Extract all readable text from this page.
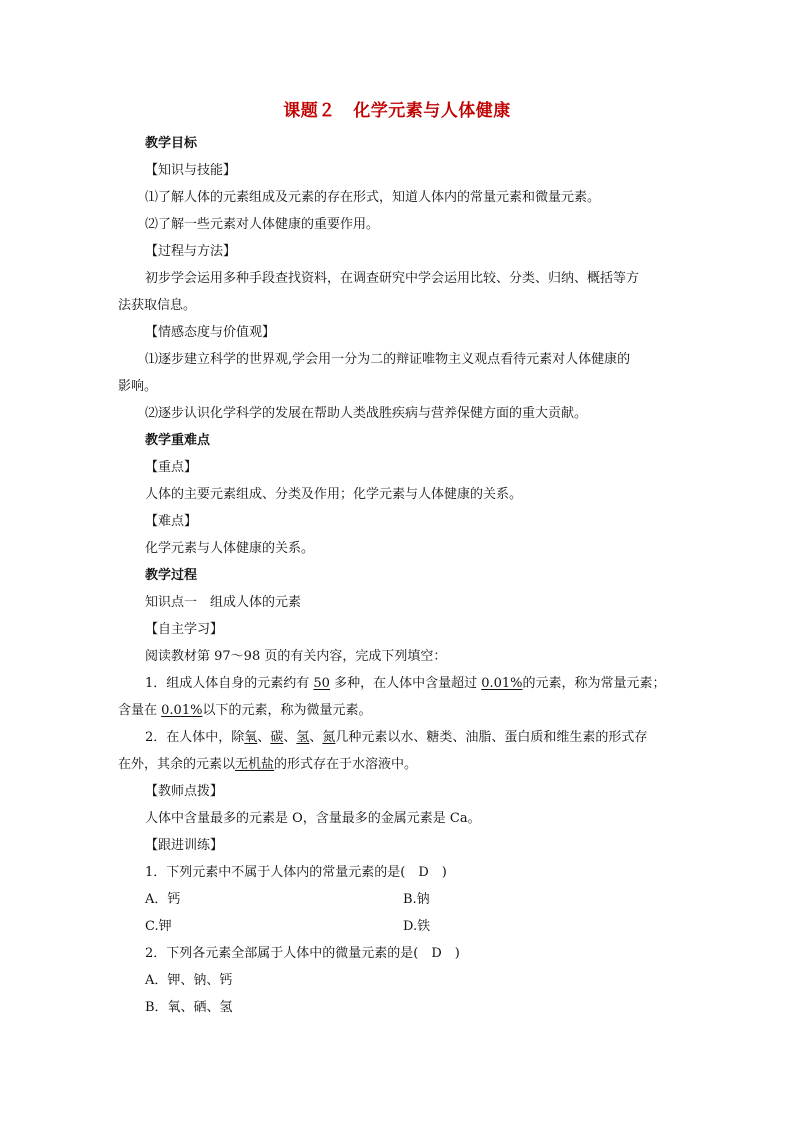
课题２　化学元素与人体健康
教学目标
【知识与技能】
⑴了解人体的元素组成及元素的存在形式，知道人体内的常量元素和微量元素。
⑵了解一些元素对人体健康的重要作用。
【过程与方法】
初步学会运用多种手段查找资料，在调查研究中学会运用比较、分类、归纳、概括等方
法获取信息。
【情感态度与价值观】
⑴逐步建立科学的世界观,学会用一分为二的辩证唯物主义观点看待元素对人体健康的
影响。
⑵逐步认识化学科学的发展在帮助人类战胜疾病与营养保健方面的重大贡献。
教学重难点
【重点】
人体的主要元素组成、分类及作用；化学元素与人体健康的关系。
【难点】
化学元素与人体健康的关系。
教学过程
知识点一　组成人体的元素
【自主学习】
阅读教材第 97～98 页的有关内容，完成下列填空：
1．组成人体自身的元素约有 50 多种，在人体中含量超过 0.01%的元素，称为常量元素；
含量在 0.01%以下的元素，称为微量元素。
2．在人体中，除氧、碳、氢、氮几种元素以水、糖类、油脂、蛋白质和维生素的形式存
在外，其余的元素以无机盐的形式存在于水溶液中。
【教师点拨】
人体中含量最多的元素是 O，含量最多的金属元素是 Ca。
【跟进训练】
1．下列元素中不属于人体内的常量元素的是(　D　)
A．钙	B.钠
C.钾	D.铁
2．下列各元素全部属于人体中的微量元素的是(　D　)
A．钾、钠、钙
B．氧、硒、氢
